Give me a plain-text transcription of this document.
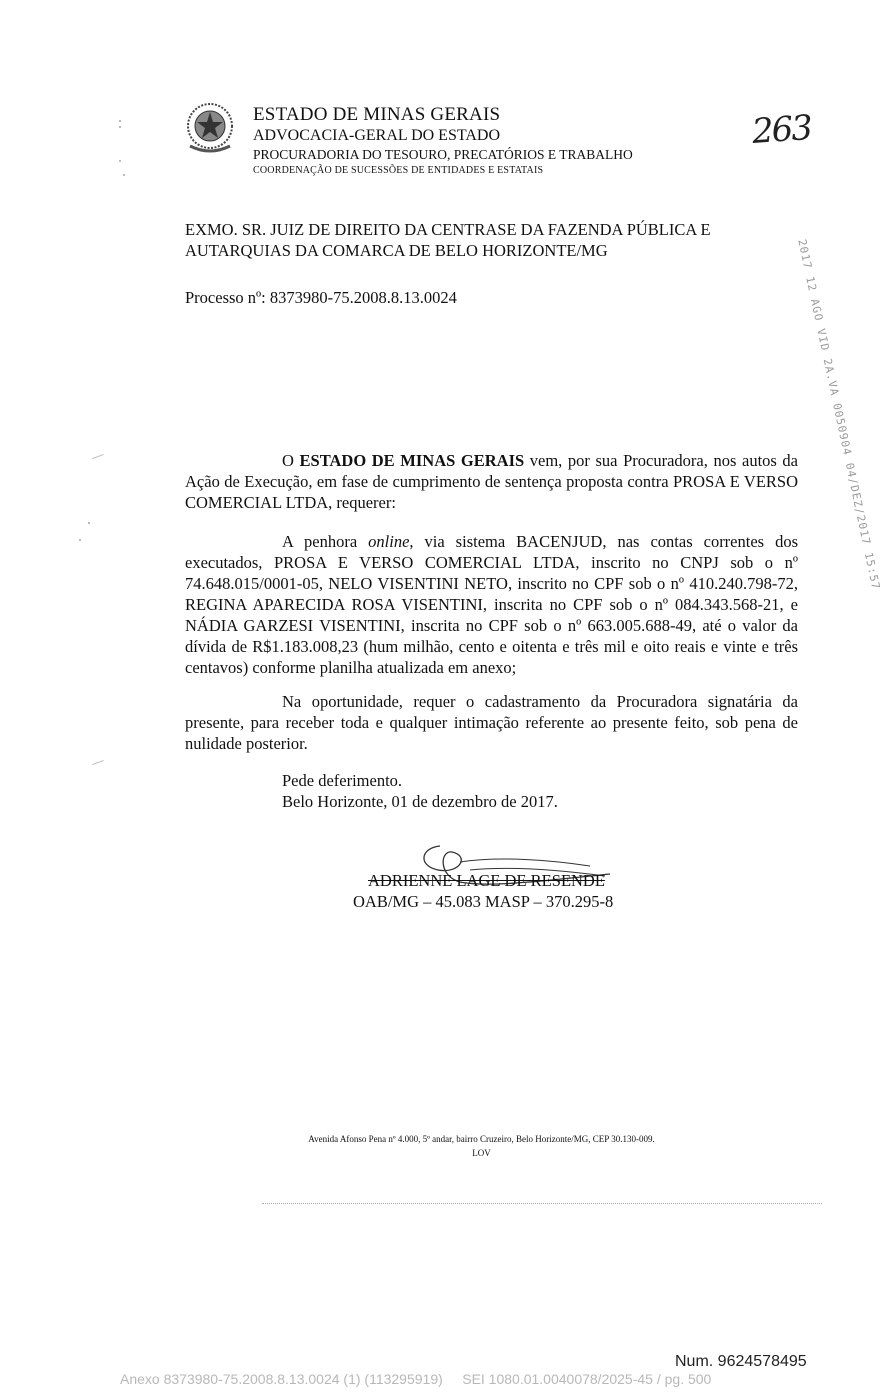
ESTADO DE MINAS GERAIS
ADVOCACIA-GERAL DO ESTADO
PROCURADORIA DO TESOURO, PRECATÓRIOS E TRABALHO
COORDENAÇÃO DE SUCESSÕES DE ENTIDADES E ESTATAIS
263

EXMO. SR. JUIZ DE DIREITO DA CENTRASE DA FAZENDA PÚBLICA E

AUTARQUIAS DA COMARCA DE BELO HORIZONTE/MG

Processo nº: 8373980-75.2008.8.13.0024	2017 12 AGO VID 2A.VA 0050904 04/DEZ/2017 15:57

O ESTADO DE MINAS GERAIS vem, por sua Procuradora, nos autos da Ação de Execução, em fase de cumprimento de sentença proposta contra PROSA E VERSO COMERCIAL LTDA, requerer:

A penhora online, via sistema BACENJUD, nas contas correntes dos executados, PROSA E VERSO COMERCIAL LTDA, inscrito no CNPJ sob o nº 74.648.015/0001-05, NELO VISENTINI NETO, inscrito no CPF sob o nº 410.240.798-72, REGINA APARECIDA ROSA VISENTINI, inscrita no CPF sob o nº 084.343.568-21, e NÁDIA GARZESI VISENTINI, inscrita no CPF sob o nº 663.005.688-49, até o valor da dívida de R$1.183.008,23 (hum milhão, cento e oitenta e três mil e oito reais e vinte e três centavos) conforme planilha atualizada em anexo;

Na oportunidade, requer o cadastramento da Procuradora signatária da presente, para receber toda e qualquer intimação referente ao presente feito, sob pena de nulidade posterior.

Pede deferimento.
Belo Horizonte, 01 de dezembro de 2017.
ADRIENNE LAGE DE RESENDE
OAB/MG – 45.083 MASP – 370.295-8
Avenida Afonso Pena nº 4.000, 5º andar, bairro Cruzeiro, Belo Horizonte/MG, CEP 30.130-009.
LOV
Num. 9624578495
Anexo 8373980-75.2008.8.13.0024 (1) (113295919)     SEI 1080.01.0040078/2025-45 / pg. 500
